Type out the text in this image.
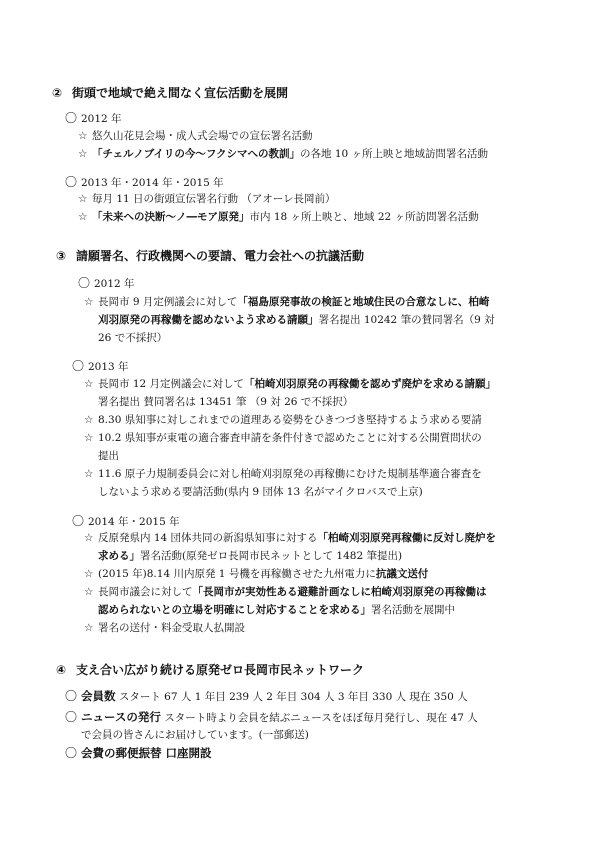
② 街頭で地域で絶え間なく宣伝活動を展開
〇 2012 年
☆ 悠久山花見会場・成人式会場での宣伝署名活動
☆ 「チェルノブイリの今〜フクシマへの教訓」の各地 10 ヶ所上映と地域訪問署名活動
〇 2013 年・2014 年・2015 年
☆ 毎月 11 日の街頭宣伝署名行動 （アオーレ長岡前）
☆ 「未来への決断〜ノ―モア原発」市内 18 ヶ所上映と、地域 22 ヶ所訪問署名活動
③ 請願署名、行政機関への要請、電力会社への抗議活動
〇 2012 年
☆ 長岡市 9 月定例議会に対して「福島原発事故の検証と地域住民の合意なしに、柏崎
刈羽原発の再稼働を認めないよう求める請願」署名提出 10242 筆の賛同署名（9 対
26 で不採択）
〇 2013 年
☆ 長岡市 12 月定例議会に対して「柏崎刈羽原発の再稼働を認めず廃炉を求める請願」
署名提出 賛同署名は 13451 筆 （9 対 26 で不採択）
☆ 8.30 県知事に対しこれまでの道理ある姿勢をひきつづき堅持するよう求める要請
☆ 10.2 県知事が東電の適合審査申請を条件付きで認めたことに対する公開質問状の
提出
☆ 11.6 原子力規制委員会に対し柏崎刈羽原発の再稼働にむけた規制基準適合審査を
しないよう求める要請活動(県内 9 団体 13 名がマイクロバスで上京)
〇 2014 年・2015 年
☆ 反原発県内 14 団体共同の新潟県知事に対する「柏崎刈羽原発再稼働に反対し廃炉を
求める」署名活動(原発ゼロ長岡市民ネットとして 1482 筆提出)
☆ (2015 年)8.14 川内原発 1 号機を再稼働させた九州電力に抗議文送付
☆ 長岡市議会に対して「長岡市が実効性ある避難計画なしに柏崎刈羽原発の再稼働は
認められないとの立場を明確にし対応することを求める」署名活動を展開中
☆ 署名の送付・料金受取人払開設
④ 支え合い広がり続ける原発ゼロ長岡市民ネットワーク
〇 会員数 スタート 67 人 1 年目 239 人 2 年目 304 人 3 年目 330 人 現在 350 人
〇 ニュースの発行 スタート時より会員を結ぶニュースをほぼ毎月発行し、現在 47 人
で会員の皆さんにお届けしています。(一部郵送)
〇 会費の郵便振替 口座開設
